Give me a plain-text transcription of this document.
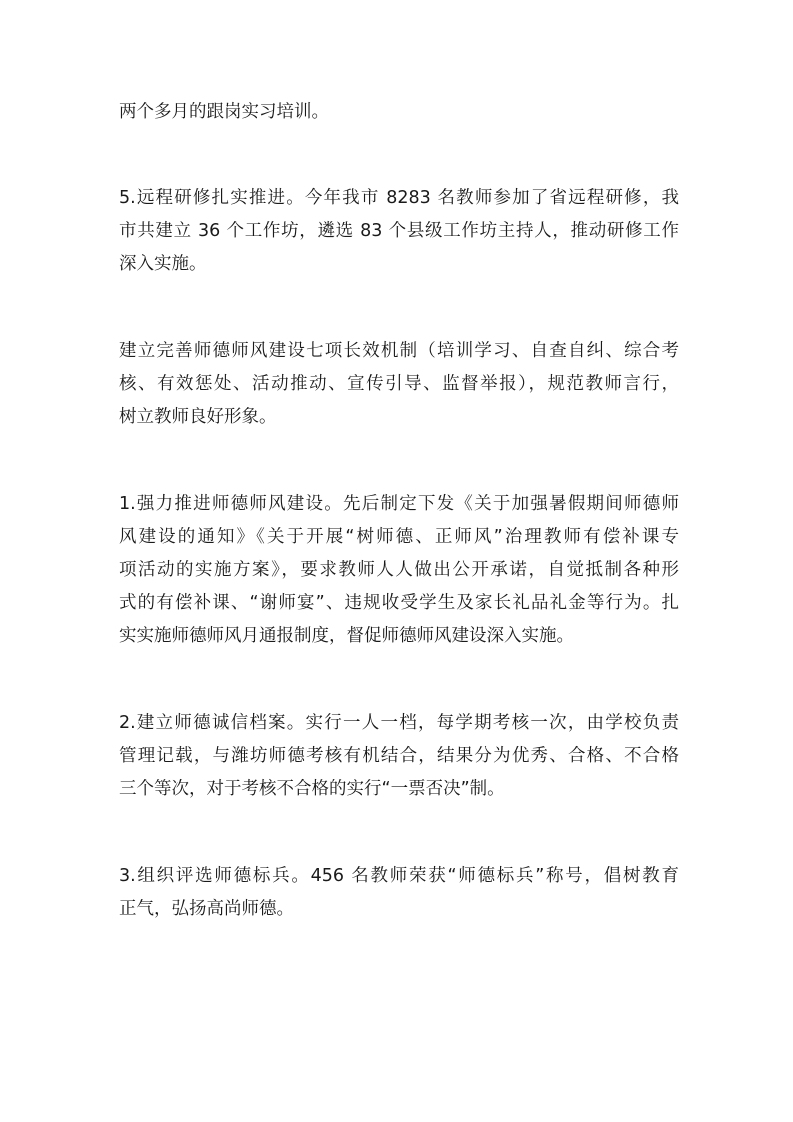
两个多月的跟岗实习培训。

5.远程研修扎实推进。今年我市 8283 名教师参加了省远程研修，我
市共建立 36 个工作坊，遴选 83 个县级工作坊主持人，推动研修工作
深入实施。

建立完善师德师风建设七项长效机制（培训学习、自查自纠、综合考
核、有效惩处、活动推动、宣传引导、监督举报），规范教师言行，
树立教师良好形象。

1.强力推进师德师风建设。先后制定下发《关于加强暑假期间师德师
风建设的通知》《关于开展“树师德、正师风”治理教师有偿补课专
项活动的实施方案》，要求教师人人做出公开承诺，自觉抵制各种形
式的有偿补课、“谢师宴”、违规收受学生及家长礼品礼金等行为。扎
实实施师德师风月通报制度，督促师德师风建设深入实施。

2.建立师德诚信档案。实行一人一档，每学期考核一次，由学校负责
管理记载，与潍坊师德考核有机结合，结果分为优秀、合格、不合格
三个等次，对于考核不合格的实行“一票否决”制。

3.组织评选师德标兵。456 名教师荣获“师德标兵”称号，倡树教育
正气，弘扬高尚师德。
